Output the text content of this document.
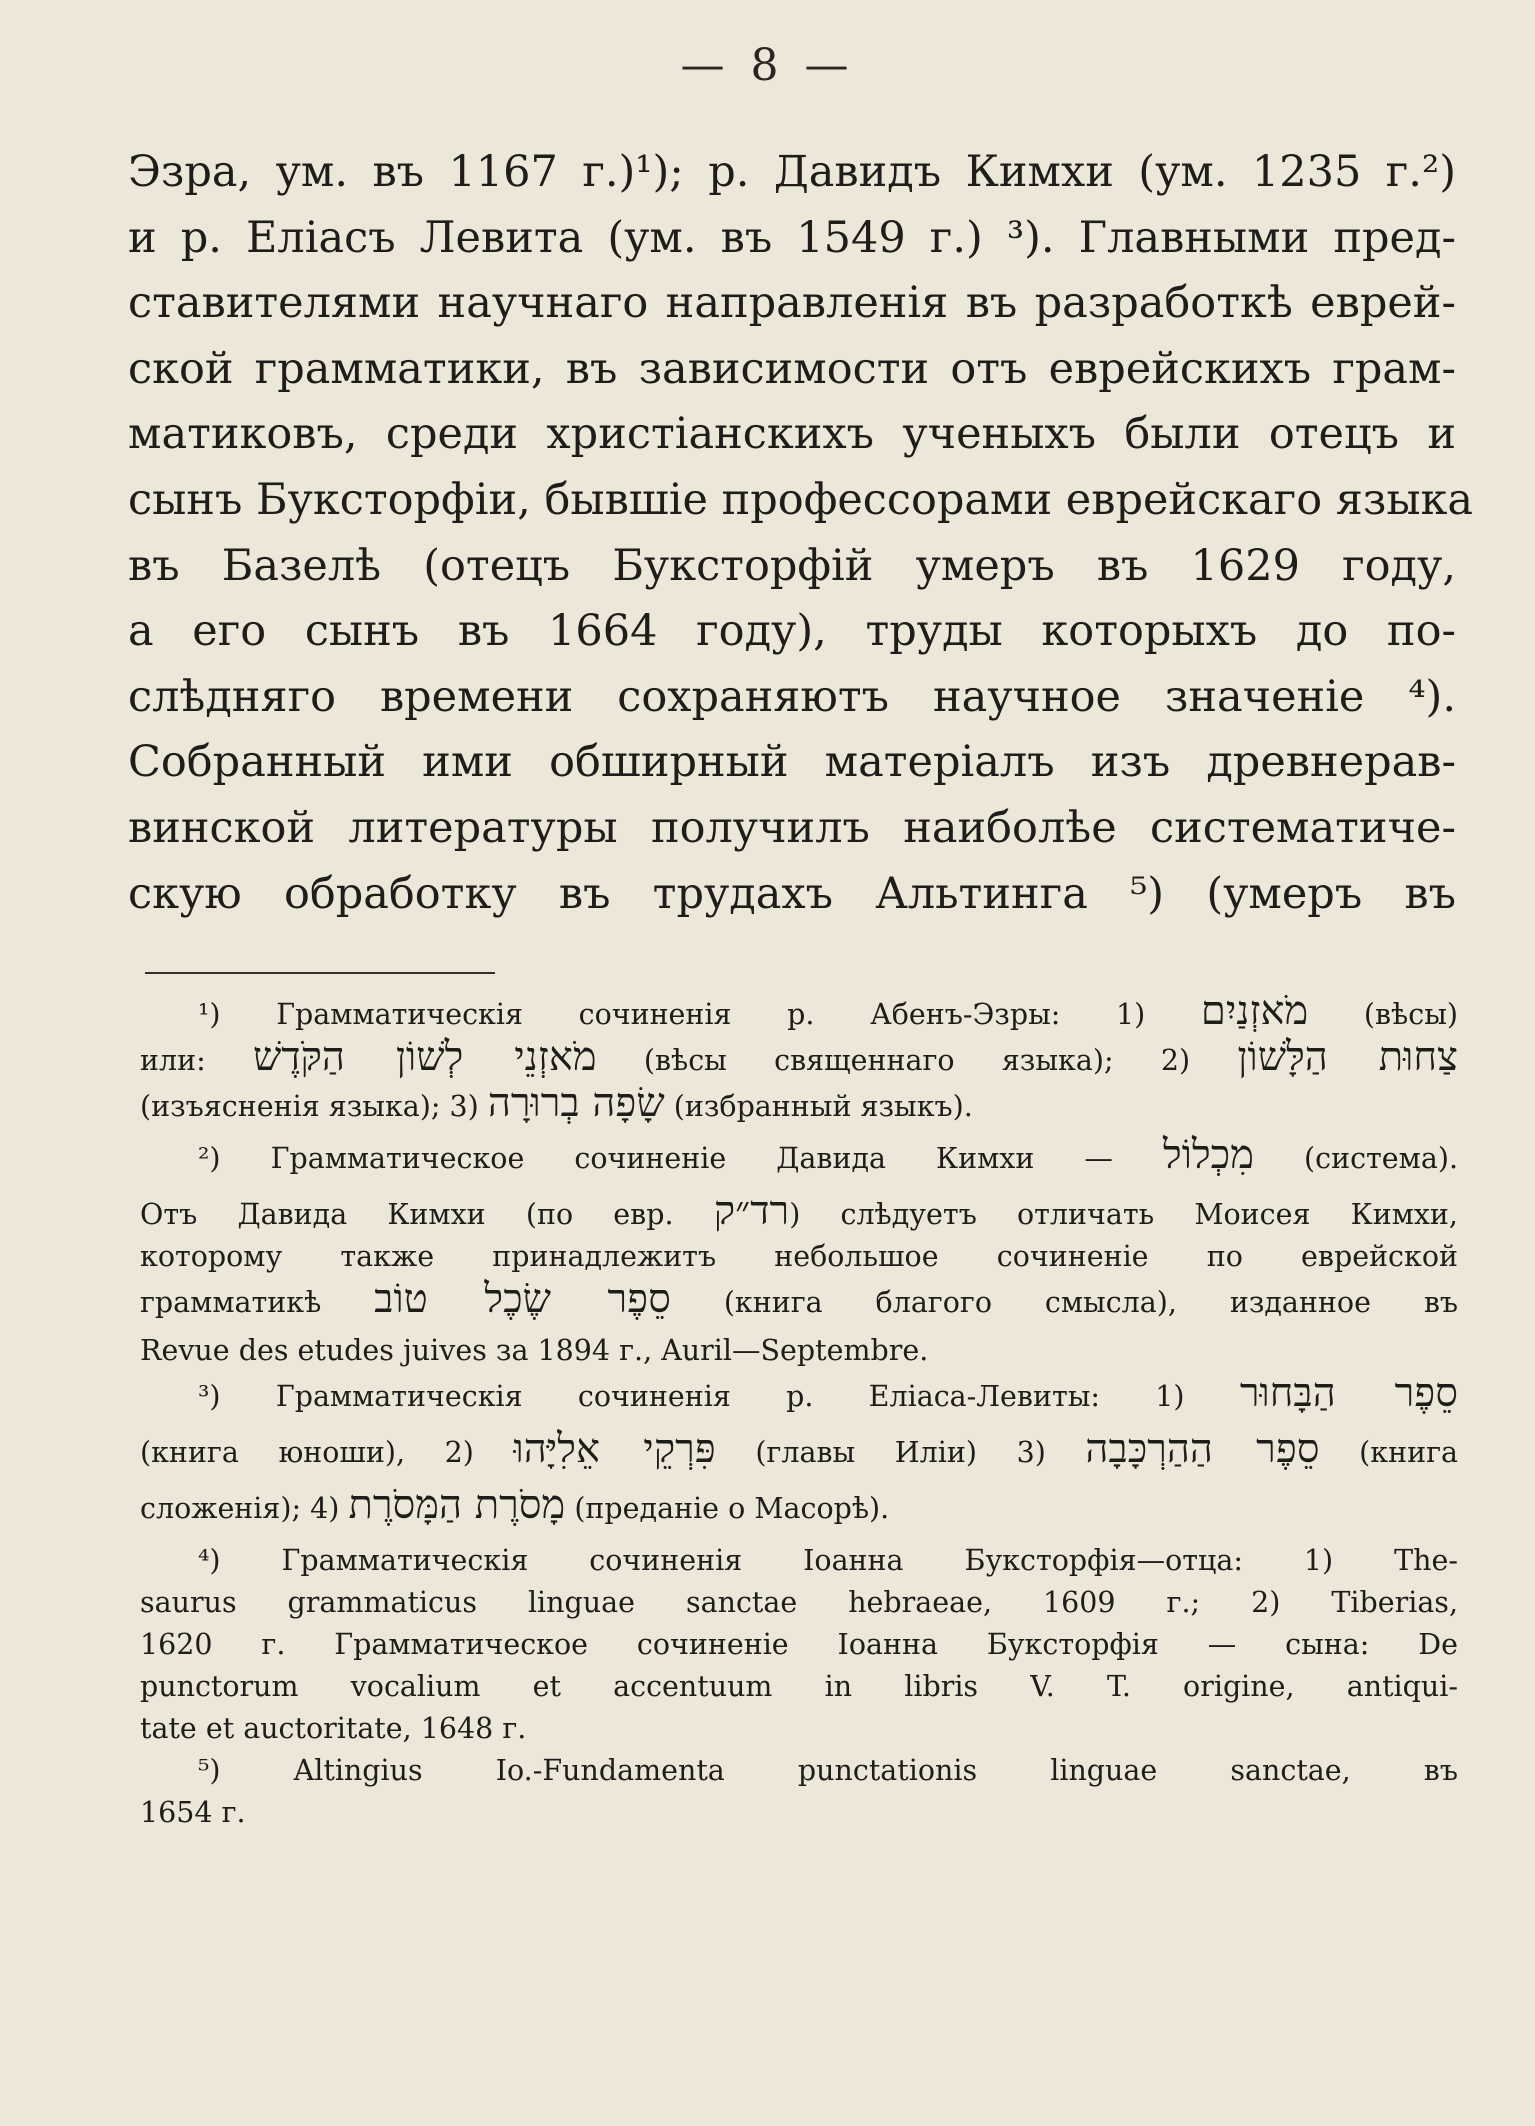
— 8 —
Эзра, ум. въ 1167 г.)¹); р. Давидъ Кимхи (ум. 1235 г.²)
и р. Еліасъ Левита (ум. въ 1549 г.) ³). Главными пред-
ставителями научнаго направленія въ разработкѣ еврей-
ской грамматики, въ зависимости отъ еврейскихъ грам-
матиковъ, среди христіанскихъ ученыхъ были отецъ и
сынъ Буксторфіи, бывшіе профессорами еврейскаго языка
въ Базелѣ (отецъ Буксторфій умеръ въ 1629 году,
а его сынъ въ 1664 году), труды которыхъ до по-
слѣдняго времени сохраняютъ научное значеніе ⁴).
Собранный ими обширный матеріалъ изъ древнерав-
винской литературы получилъ наиболѣе систематиче-
скую обработку въ трудахъ Альтинга ⁵) (умеръ въ
¹) Грамматическія сочиненія р. Абенъ-Эзры: 1) מֹאזְנַיִם (вѣсы)
или: מֹאזְנֵי לְשׁוֹן הַקֹּדֶשׁ (вѣсы священнаго языка); 2) צַחוּת הַלָּשׁוֹן
(изъясненія языка); 3) שָׂפָה בְרוּרָה (избранный языкъ).
²) Грамматическое сочиненіе Давида Кимхи — מִכְלוֹל (система).
Отъ Давида Кимхи (по евр. רד״ק) слѣдуетъ отличать Моисея Кимхи,
которому также принадлежитъ небольшое сочиненіе по еврейской
грамматикѣ סֵפֶר שֶׂכֶל טוֹב (книга благого смысла), изданное въ
Revue des etudes juives за 1894 г., Auril—Septembre.
³) Грамматическія сочиненія р. Еліаса-Левиты: 1) סֵפֶר הַבָּחוּר
(книга юноши), 2) פִּרְקֵי אֵלִיָּהוּ (главы Иліи) 3) סֵפֶר הַהַרְכָּבָה (книга
сложенія); 4) מָסֹרֶת הַמָּסֹרֶת (преданіе о Масорѣ).
⁴) Грамматическія сочиненія Іоанна Буксторфія—отца: 1) The-
saurus grammaticus linguae sanctae hebraeae, 1609 г.; 2) Tiberias,
1620 г. Грамматическое сочиненіе Іоанна Буксторфія — сына: De
punctorum vocalium et accentuum in libris V. T. origine, antiqui-
tate et auctoritate, 1648 г.
⁵) Altingius Io.-Fundamenta punctationis linguae sanctae, въ
1654 г.
